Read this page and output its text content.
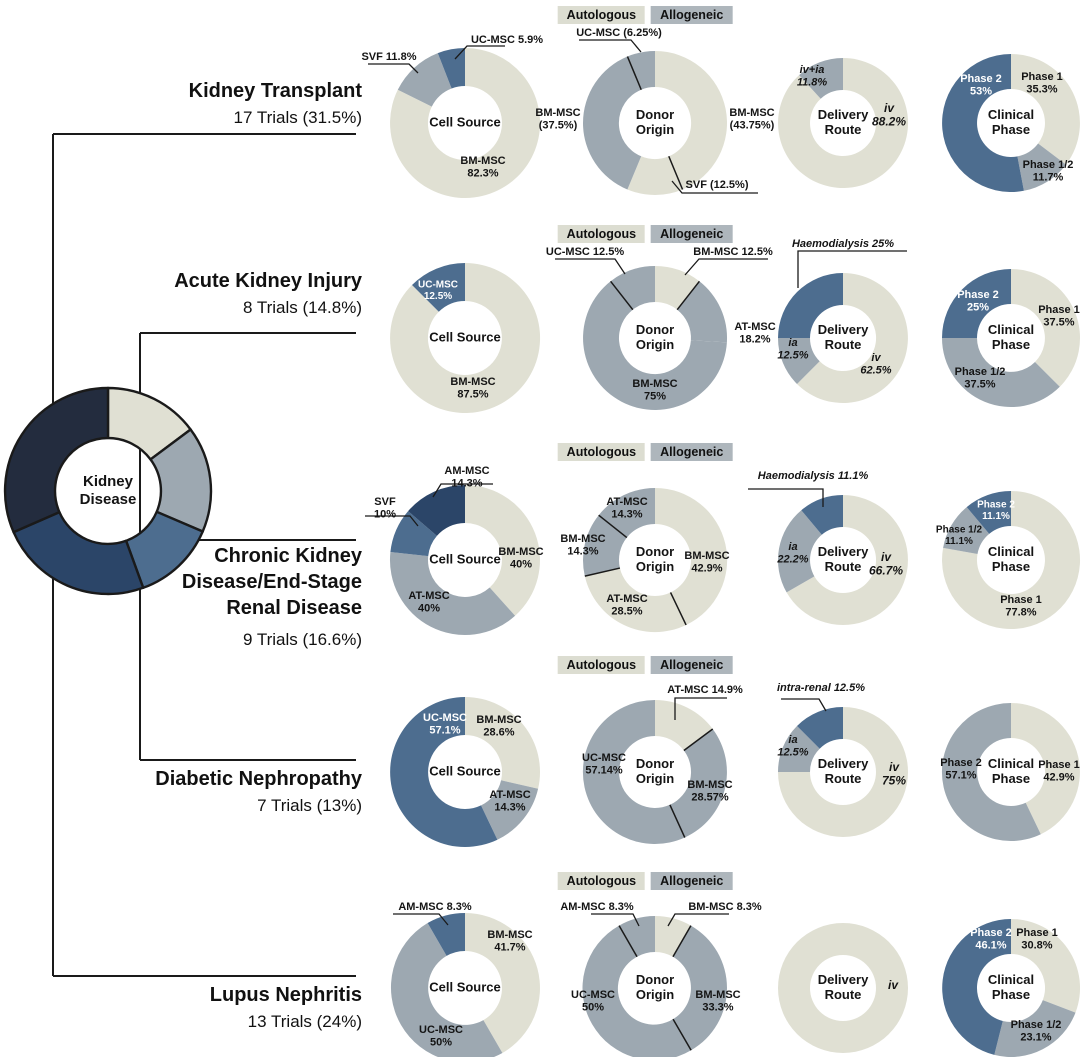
Kidney
Disease
Cell Source
BM-MSC
82.3%
SVF 11.8%
UC-MSC 5.9%
Donor
Origin
BM-MSC
(43.75%)
SVF (12.5%)
BM-MSC
(37.5%)
UC-MSC (6.25%)
Delivery
Route
iv
88.2%
iv+ia
11.8%
Clinical
Phase
Phase 1
35.3%
Phase 1/2
11.7%
Phase 2
53%
Cell Source
UC-MSC
12.5%
BM-MSC
87.5%
Donor
Origin
UC-MSC 12.5%	BM-MSC 12.5%
AT-MSC
18.2%
BM-MSC
75%
Delivery
Route
Haemodialysis 25%
ia
12.5%	iv
62.5%
Clinical
Phase
Phase 1
37.5%
Phase 1/2
37.5%
Phase 2
25%
Cell Source
BM-MSC
40%
AT-MSC
40%
SVF
10%
AM-MSC
14.3%
Donor
Origin
BM-MSC
42.9%
AT-MSC
28.5%
BM-MSC
14.3%
AT-MSC
14.3%
Delivery
Route
Haemodialysis 11.1%
ia
22.2%	iv
66.7%
Clinical
Phase
Phase 2
11.1%
Phase 1/2
11.1%
Phase 1
77.8%
Cell Source
BM-MSC
28.6%
AT-MSC
14.3%
UC-MSC
57.1%
Donor
Origin
AT-MSC 14.9%
BM-MSC
28.57%
UC-MSC
57.14%	Delivery
Route
intra-renal 12.5%
ia
12.5%
iv
75%
Clinical
Phase
Phase 1
42.9%
Phase 2
57.1%
Cell Source
AM-MSC 8.3%
BM-MSC
41.7%
UC-MSC
50%
Donor
Origin
AM-MSC 8.3%	BM-MSC 8.3%
BM-MSC
33.3%
UC-MSC
50%
Delivery
Route
iv	Clinical
Phase
Phase 1
30.8%
Phase 1/2
23.1%
Phase 2
46.1%
Kidney Transplant
17 Trials (31.5%)
Acute Kidney Injury
8 Trials (14.8%)
Chronic Kidney
Disease/End-Stage
Renal Disease
9 Trials (16.6%)
Diabetic Nephropathy
7 Trials (13%)
Lupus Nephritis
13 Trials (24%)
Autologous	Allogeneic
Autologous	Allogeneic
Autologous	Allogeneic
Autologous	Allogeneic
Autologous	Allogeneic
